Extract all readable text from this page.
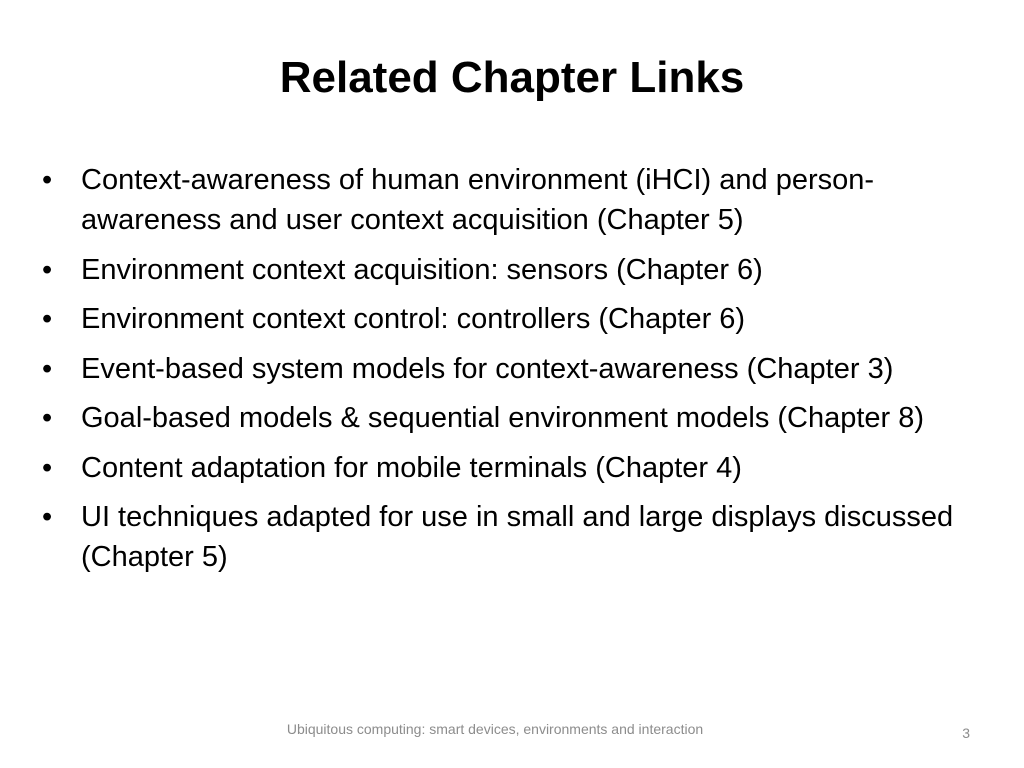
Related Chapter Links
• Context-awareness of human environment (iHCI) and person-awareness and user context acquisition (Chapter 5)
• Environment context acquisition: sensors (Chapter 6)
• Environment context control: controllers (Chapter 6)
• Event-based system models for context-awareness (Chapter 3)
• Goal-based models & sequential environment models (Chapter 8)
• Content adaptation for mobile terminals (Chapter 4)
• UI techniques adapted for use in small and large displays discussed (Chapter 5)
Ubiquitous computing: smart devices, environments and interaction	3
